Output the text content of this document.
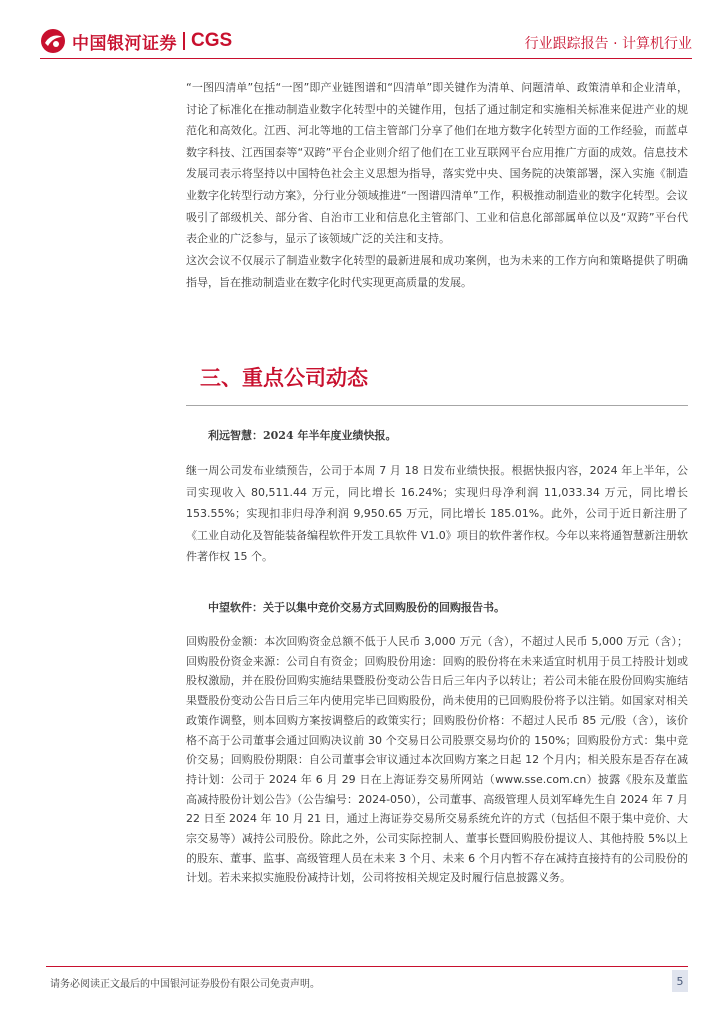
中国银河证券 CGS	行业跟踪报告 · 计算机行业
“一图四清单”包括“一图”即产业链图谱和“四清单”即关键作为清单、问题清单、政策清单和企业清单，讨论了标准化在推动制造业数字化转型中的关键作用，包括了通过制定和实施相关标准来促进产业的规范化和高效化。江西、河北等地的工信主管部门分享了他们在地方数字化转型方面的工作经验，而蓝卓数字科技、江西国泰等“双跨”平台企业则介绍了他们在工业互联网平台应用推广方面的成效。信息技术发展司表示将坚持以中国特色社会主义思想为指导，落实党中央、国务院的决策部署，深入实施《制造业数字化转型行动方案》，分行业分领域推进“一图谱四清单”工作，积极推动制造业的数字化转型。会议吸引了部级机关、部分省、自治市工业和信息化主管部门、工业和信息化部部属单位以及“双跨”平台代表企业的广泛参与，显示了该领域广泛的关注和支持。
这次会议不仅展示了制造业数字化转型的最新进展和成功案例，也为未来的工作方向和策略提供了明确指导，旨在推动制造业在数字化时代实现更高质量的发展。
三、重点公司动态
利远智慧：2024 年半年度业绩快报。
继一周公司发布业绩预告，公司于本周 7 月 18 日发布业绩快报。根据快报内容，2024 年上半年，公司实现收入 80,511.44 万元，同比增长 16.24%；实现归母净利润 11,033.34 万元，同比增长 153.55%；实现扣非归母净利润 9,950.65 万元，同比增长 185.01%。此外，公司于近日新注册了《工业自动化及智能装备编程软件开发工具软件 V1.0》项目的软件著作权。今年以来将通智慧新注册软件著作权 15 个。
中望软件：关于以集中竞价交易方式回购股份的回购报告书。
回购股份金额：本次回购资金总额不低于人民币 3,000 万元（含），不超过人民币 5,000 万元（含）；回购股份资金来源：公司自有资金；回购股份用途：回购的股份将在未来适宜时机用于员工持股计划或股权激励，并在股份回购实施结果暨股份变动公告日后三年内予以转让；若公司未能在股份回购实施结果暨股份变动公告日后三年内使用完毕已回购股份，尚未使用的已回购股份将予以注销。如国家对相关政策作调整，则本回购方案按调整后的政策实行；回购股份价格：不超过人民币 85 元/股（含），该价格不高于公司董事会通过回购决议前 30 个交易日公司股票交易均价的 150%；回购股份方式：集中竞价交易；回购股份期限：自公司董事会审议通过本次回购方案之日起 12 个月内；相关股东是否存在减持计划：公司于 2024 年 6 月 29 日在上海证券交易所网站（www.sse.com.cn）披露《股东及董监高减持股份计划公告》（公告编号：2024-050），公司董事、高级管理人员刘军峰先生自 2024 年 7 月 22 日至 2024 年 10 月 21 日，通过上海证券交易所交易系统允许的方式（包括但不限于集中竞价、大宗交易等）减持公司股份。除此之外，公司实际控制人、董事长暨回购股份提议人、其他持股 5%以上的股东、董事、监事、高级管理人员在未来 3 个月、未来 6 个月内暂不存在减持直接持有的公司股份的计划。若未来拟实施股份减持计划，公司将按相关规定及时履行信息披露义务。
请务必阅读正文最后的中国银河证券股份有限公司免责声明。	5
